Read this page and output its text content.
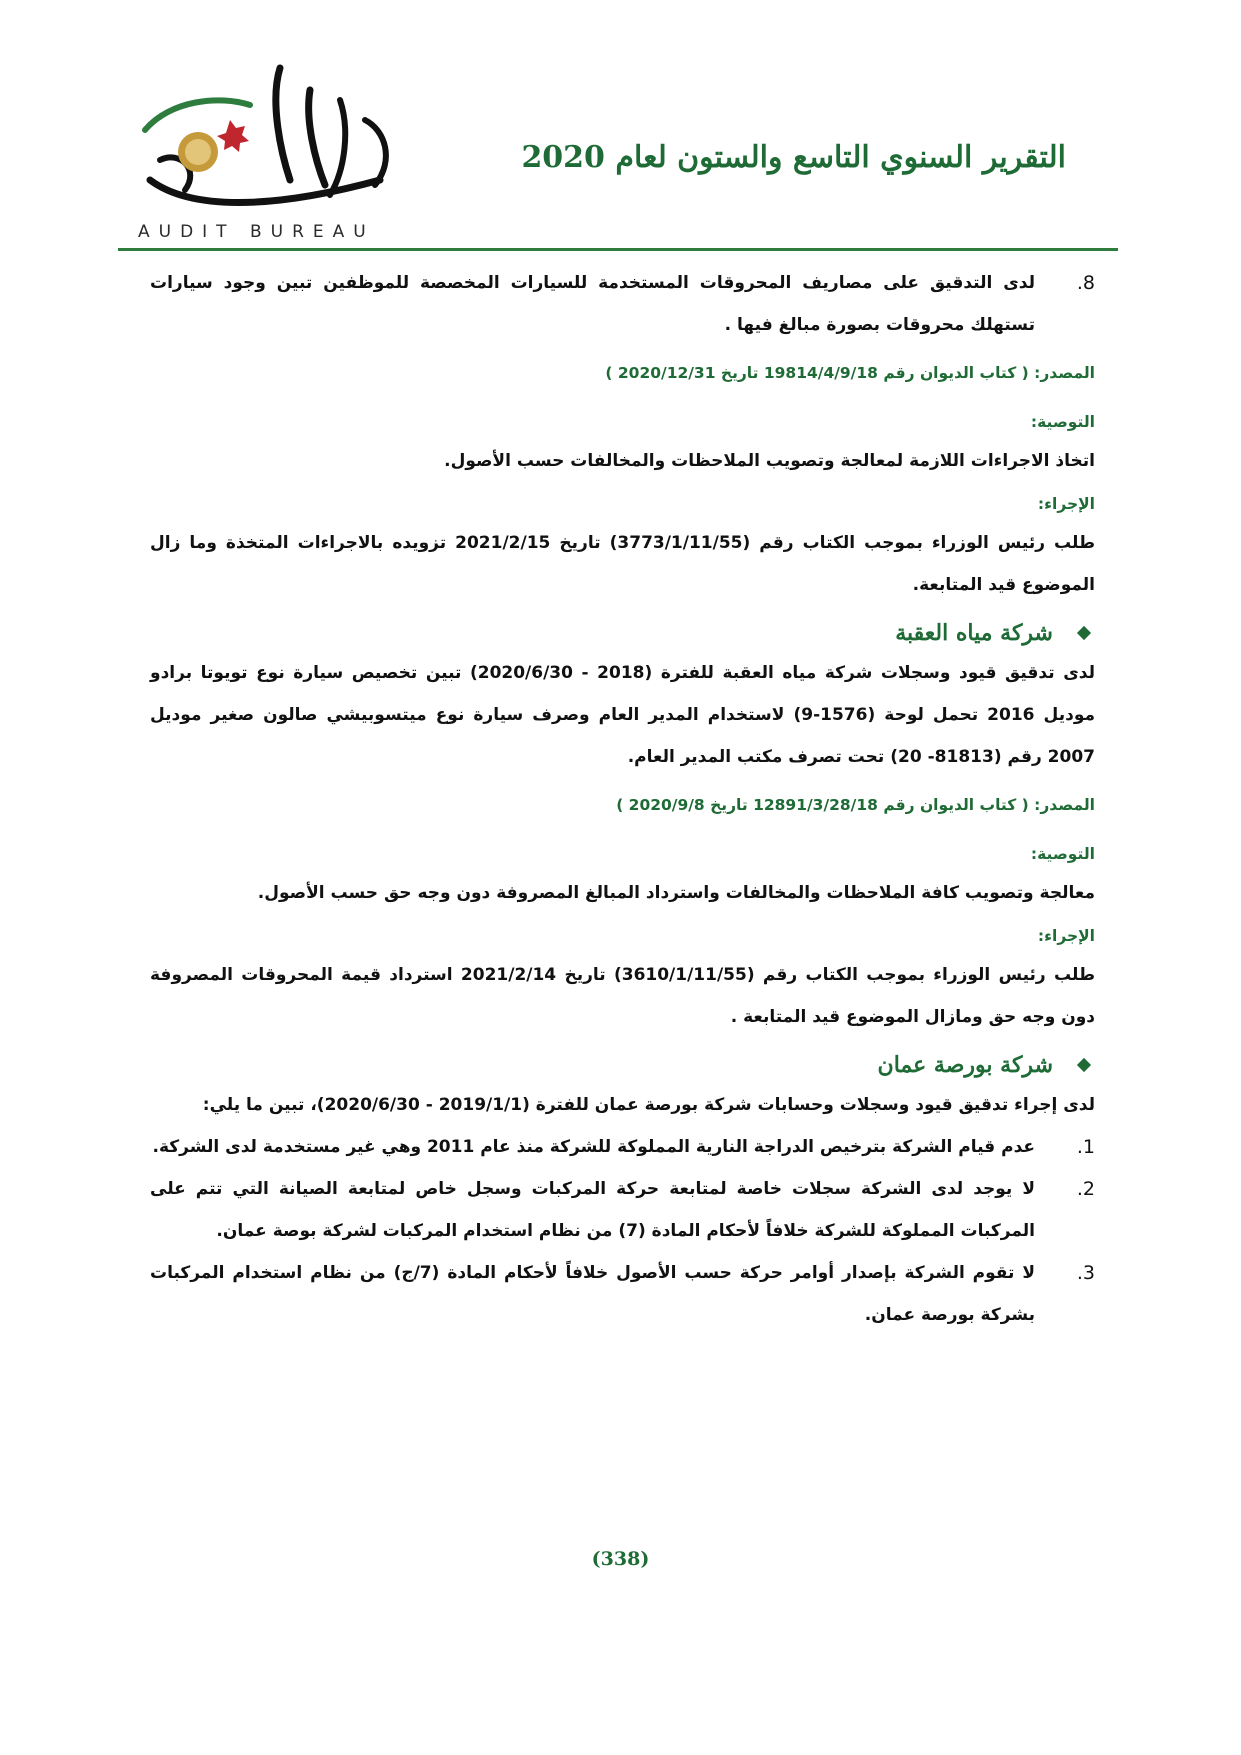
AUDIT BUREAU
التقرير السنوي التاسع والستون لعام 2020
8.
لدى التدقيق على مصاريف المحروقات المستخدمة للسيارات المخصصة للموظفين تبين وجود سيارات تستهلك محروقات بصورة مبالغ فيها .
المصدر: ( كتاب الديوان رقم 19814/4/9/18 تاريخ 2020/12/31 )
التوصية:
اتخاذ الاجراءات اللازمة لمعالجة وتصويب الملاحظات والمخالفات حسب الأصول.
الإجراء:
طلب رئيس الوزراء بموجب الكتاب رقم (3773/1/11/55) تاريخ 2021/2/15 تزويده بالاجراءات المتخذة وما زال الموضوع قيد المتابعة.
شركة مياه العقبة
لدى تدقيق قيود وسجلات شركة مياه العقبة للفترة (2018 - 2020/6/30) تبين تخصيص سيارة نوع تويوتا برادو موديل 2016 تحمل لوحة (1576-9) لاستخدام المدير العام وصرف سيارة نوع ميتسوبيشي صالون صغير موديل 2007 رقم (81813- 20) تحت تصرف مكتب المدير العام.
المصدر: ( كتاب الديوان رقم 12891/3/28/18 تاريخ 2020/9/8 )
التوصية:
معالجة وتصويب كافة الملاحظات والمخالفات واسترداد المبالغ المصروفة دون وجه حق حسب الأصول.
الإجراء:
طلب رئيس الوزراء بموجب الكتاب رقم (3610/1/11/55) تاريخ 2021/2/14 استرداد قيمة المحروقات المصروفة دون وجه حق ومازال الموضوع قيد المتابعة .
شركة بورصة عمان
لدى إجراء تدقيق قيود وسجلات وحسابات شركة بورصة عمان للفترة (2019/1/1 - 2020/6/30)، تبين ما يلي:
1.
عدم قيام الشركة بترخيص الدراجة النارية المملوكة للشركة منذ عام 2011 وهي غير مستخدمة لدى الشركة.
2.
لا يوجد لدى الشركة سجلات خاصة لمتابعة حركة المركبات وسجل خاص لمتابعة الصيانة التي تتم على المركبات المملوكة للشركة خلافاً لأحكام المادة (7) من نظام استخدام المركبات لشركة بوصة عمان.
3.
لا تقوم الشركة بإصدار أوامر حركة حسب الأصول خلافاً لأحكام المادة (7/ج) من نظام استخدام المركبات بشركة بورصة عمان.
(338)
